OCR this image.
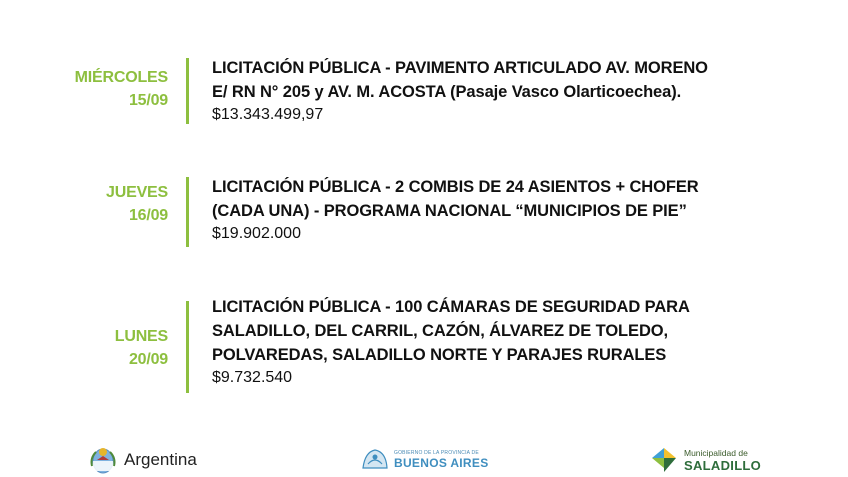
MIÉRCOLES
15/09
LICITACIÓN PÚBLICA - PAVIMENTO ARTICULADO AV. MORENO
E/ RN N° 205 y AV. M. ACOSTA (Pasaje Vasco Olarticoechea).
$13.343.499,97
JUEVES
16/09
LICITACIÓN PÚBLICA - 2 COMBIS DE 24 ASIENTOS + CHOFER
(CADA UNA) - PROGRAMA NACIONAL “MUNICIPIOS DE PIE”
$19.902.000
LUNES
20/09
LICITACIÓN PÚBLICA - 100 CÁMARAS DE SEGURIDAD PARA
SALADILLO, DEL CARRIL, CAZÓN, ÁLVAREZ DE TOLEDO,
POLVAREDAS, SALADILLO NORTE Y PARAJES RURALES
$9.732.540
Argentina	GOBIERNO DE LA PROVINCIA DE
BUENOS AIRES
Municipalidad de
SALADILLO
